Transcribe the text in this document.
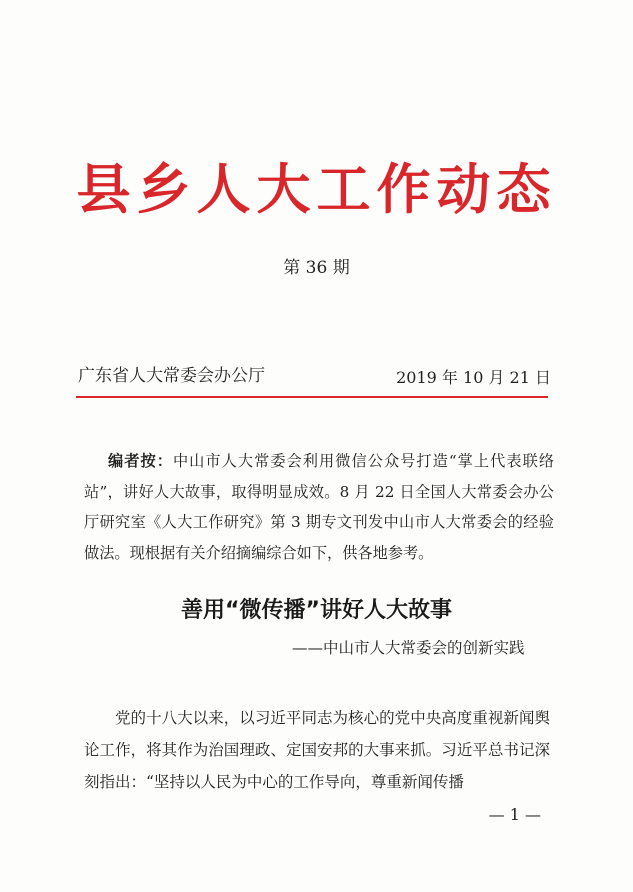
县乡人大工作动态
第 36 期
广东省人大常委会办公厅	2019 年 10 月 21 日
编者按：中山市人大常委会利用微信公众号打造“掌上代表联络站”，讲好人大故事，取得明显成效。8 月 22 日全国人大常委会办公厅研究室《人大工作研究》第 3 期专文刊发中山市人大常委会的经验做法。现根据有关介绍摘编综合如下，供各地参考。
善用“微传播”讲好人大故事
——中山市人大常委会的创新实践
党的十八大以来，以习近平同志为核心的党中央高度重视新闻舆论工作，将其作为治国理政、定国安邦的大事来抓。习近平总书记深刻指出：“坚持以人民为中心的工作导向，尊重新闻传播
— 1 —
